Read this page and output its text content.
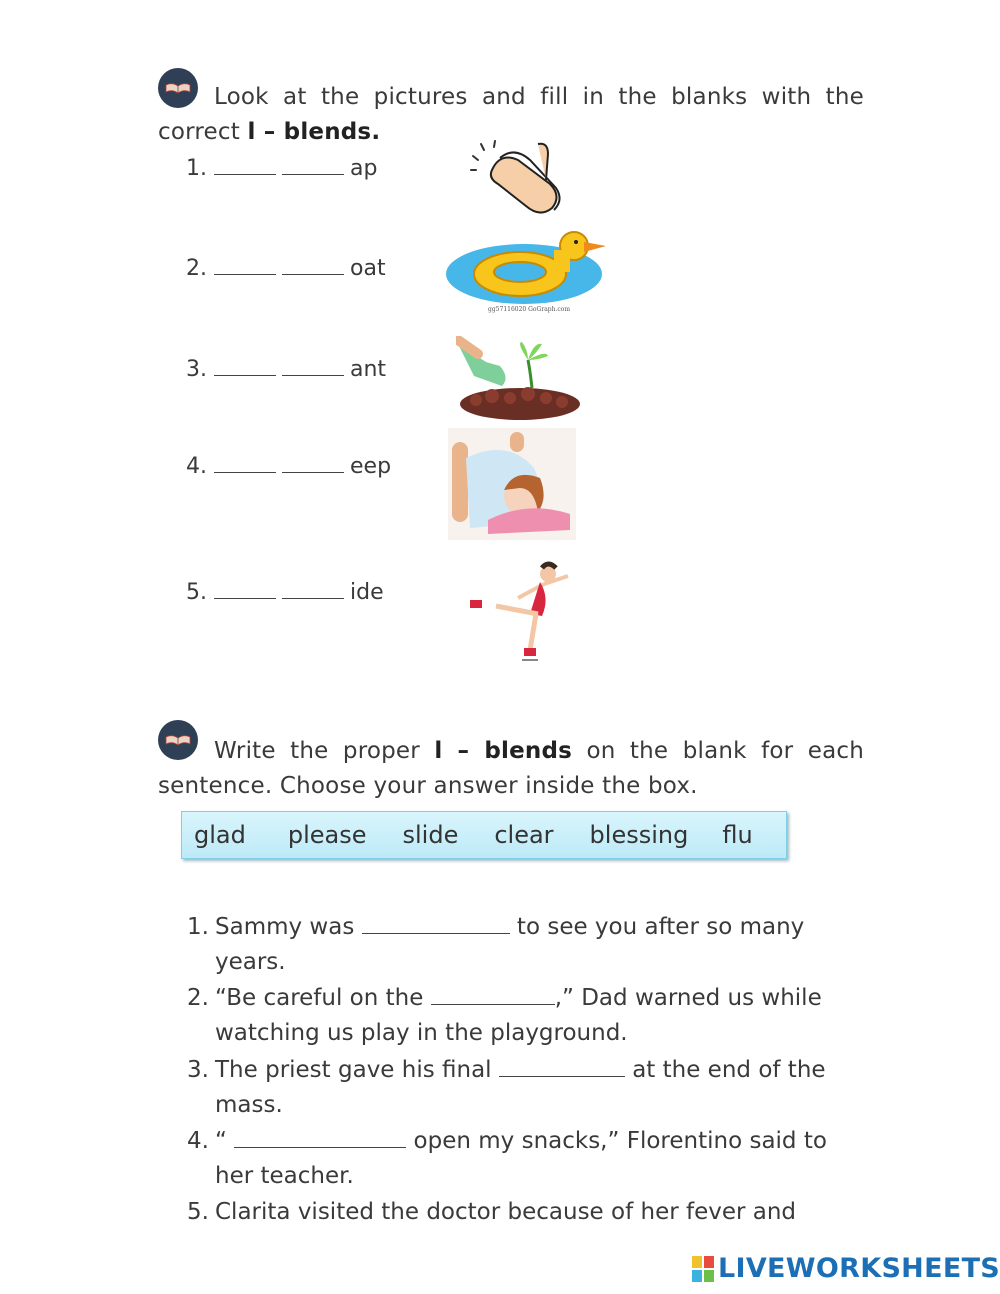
Look at the pictures and fill in the blanks with the
correct l – blends.
1.	ap
2.	oat
3.	ant
4.	eep
5.	ide
gg57116020 GoGraph.com
Write the proper l – blends on the blank for each
sentence. Choose your answer inside the box.
glad please slide clear blessing flu
1. Sammy was	to see you after so many
years.
2. “Be careful on the	,” Dad warned us while
watching us play in the playground.
3. The priest gave his final	at the end of the
mass.
4. “	open my snacks,” Florentino said to
her teacher.
5. Clarita visited the doctor because of her fever and
LIVEWORKSHEETS
